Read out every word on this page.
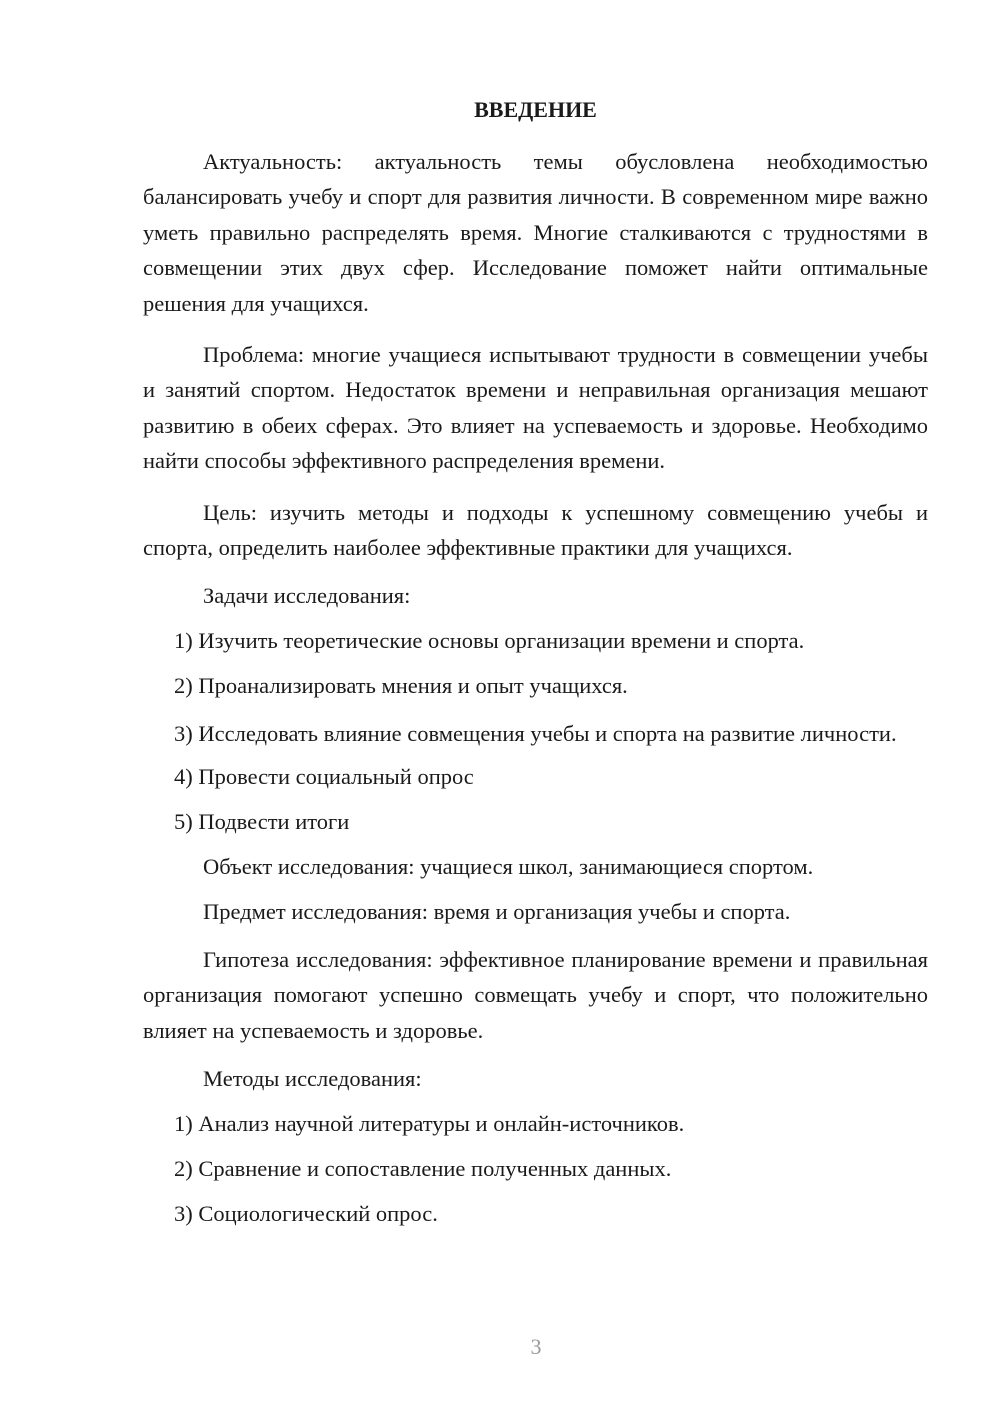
ВВЕДЕНИЕ

Актуальность: актуальность темы обусловлена необходимостью балансировать учебу и спорт для развития личности. В современном мире важно уметь правильно распределять время. Многие сталкиваются с трудностями в совмещении этих двух сфер. Исследование поможет найти оптимальные решения для учащихся.

Проблема: многие учащиеся испытывают трудности в совмещении учебы и занятий спортом. Недостаток времени и неправильная организация мешают развитию в обеих сферах. Это влияет на успеваемость и здоровье. Необходимо найти способы эффективного распределения времени.

Цель: изучить методы и подходы к успешному совмещению учебы и спорта, определить наиболее эффективные практики для учащихся.

Задачи исследования:

1) Изучить теоретические основы организации времени и спорта.

2) Проанализировать мнения и опыт учащихся.

3) Исследовать влияние совмещения учебы и спорта на развитие личности.

4) Провести социальный опрос

5) Подвести итоги

Объект исследования: учащиеся школ, занимающиеся спортом.

Предмет исследования: время и организация учебы и спорта.

Гипотеза исследования: эффективное планирование времени и правильная организация помогают успешно совмещать учебу и спорт, что положительно влияет на успеваемость и здоровье.

Методы исследования:

1) Анализ научной литературы и онлайн-источников.

2) Сравнение и сопоставление полученных данных.

3) Социологический опрос.

3
